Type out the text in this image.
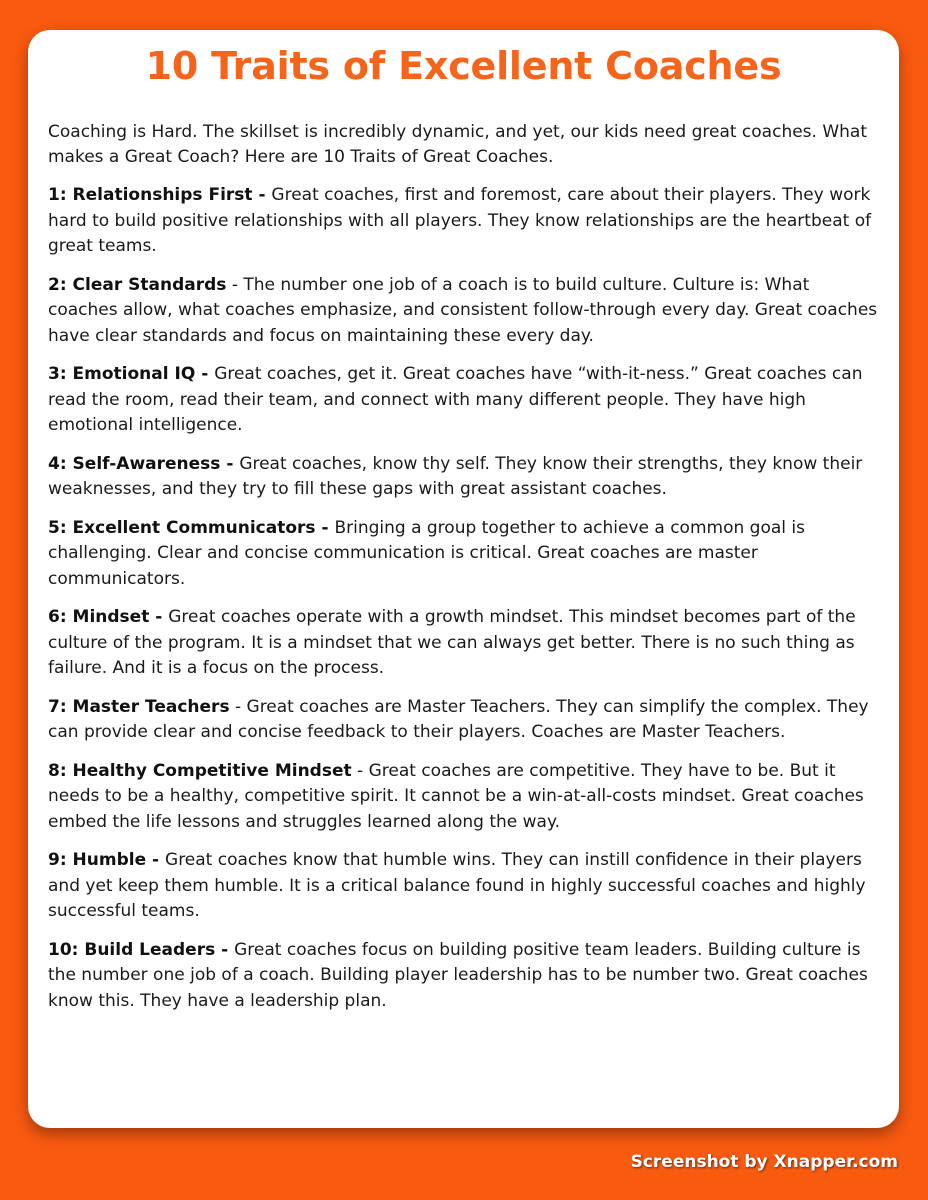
10 Traits of Excellent Coaches

Coaching is Hard. The skillset is incredibly dynamic, and yet, our kids need great coaches. What makes a Great Coach? Here are 10 Traits of Great Coaches.

1: Relationships First - Great coaches, first and foremost, care about their players. They work hard to build positive relationships with all players. They know relationships are the heartbeat of great teams.
2: Clear Standards - The number one job of a coach is to build culture. Culture is: What coaches allow, what coaches emphasize, and consistent follow-through every day. Great coaches have clear standards and focus on maintaining these every day.
3: Emotional IQ - Great coaches, get it. Great coaches have “with-it-ness.” Great coaches can read the room, read their team, and connect with many different people. They have high emotional intelligence.
4: Self-Awareness - Great coaches, know thy self. They know their strengths, they know their weaknesses, and they try to fill these gaps with great assistant coaches.
5: Excellent Communicators - Bringing a group together to achieve a common goal is challenging. Clear and concise communication is critical. Great coaches are master communicators.
6: Mindset - Great coaches operate with a growth mindset. This mindset becomes part of the culture of the program. It is a mindset that we can always get better. There is no such thing as failure. And it is a focus on the process.
7: Master Teachers - Great coaches are Master Teachers. They can simplify the complex. They can provide clear and concise feedback to their players. Coaches are Master Teachers.
8: Healthy Competitive Mindset - Great coaches are competitive. They have to be. But it needs to be a healthy, competitive spirit. It cannot be a win-at-all-costs mindset. Great coaches embed the life lessons and struggles learned along the way.
9: Humble - Great coaches know that humble wins. They can instill confidence in their players and yet keep them humble. It is a critical balance found in highly successful coaches and highly successful teams.
10: Build Leaders - Great coaches focus on building positive team leaders. Building culture is the number one job of a coach. Building player leadership has to be number two. Great coaches know this. They have a leadership plan.
Screenshot by Xnapper.com
